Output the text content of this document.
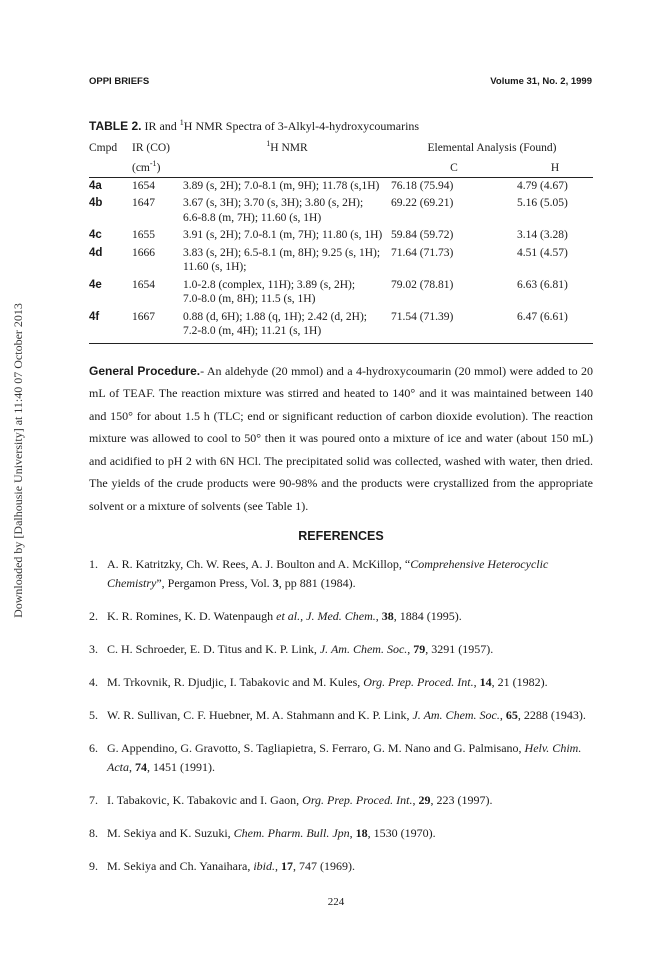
Downloaded by [Dalhousie University] at 11:40 07 October 2013
OPPI BRIEFS	Volume 31, No. 2, 1999
TABLE 2. IR and $^1$H NMR Spectra of 3-Alkyl-4-hydroxycoumarins
Cmpd	IR (CO)	$^1$H NMR	Elemental Analysis (Found)	
	$(cm^{-1})$		C	H
4a	1654	3.89 (s, 2H); 7.0-8.1 (m, 9H); 11.78 (s,1H)	76.18 (75.94)	4.79 (4.67)
4b	1647	3.67 (s, 3H); 3.70 (s, 3H); 3.80 (s, 2H);
6.6-8.8 (m, 7H); 11.60 (s, 1H)	69.22 (69.21)	5.16 (5.05)
4c	1655	3.91 (s, 2H); 7.0-8.1 (m, 7H); 11.80 (s, 1H)	59.84 (59.72)	3.14 (3.28)
4d	1666	3.83 (s, 2H); 6.5-8.1 (m, 8H); 9.25 (s, 1H);
11.60 (s, 1H);	71.64 (71.73)	4.51 (4.57)
4e	1654	1.0-2.8 (complex, 11H); 3.89 (s, 2H);
7.0-8.0 (m, 8H); 11.5 (s, 1H)	79.02 (78.81)	6.63 (6.81)
4f	1667	0.88 (d, 6H); 1.88 (q, 1H); 2.42 (d, 2H);
7.2-8.0 (m, 4H); 11.21 (s, 1H)	71.54 (71.39)	6.47 (6.61)

General Procedure.- An aldehyde (20 mmol) and a 4-hydroxycoumarin (20 mmol) were added to 20 mL of TEAF. The reaction mixture was stirred and heated to 140° and it was maintained between 140 and 150° for about 1.5 h (TLC; end or significant reduction of carbon dioxide evolution). The reaction mixture was allowed to cool to 50° then it was poured onto a mixture of ice and water (about 150 mL) and acidified to pH 2 with 6N HCl. The precipitated solid was collected, washed with water, then dried. The yields of the crude products were 90-98% and the products were crystallized from the appropriate solvent or a mixture of solvents (see Table 1).

REFERENCES
1. A. R. Katritzky, Ch. W. Rees, A. J. Boulton and A. McKillop, “Comprehensive Heterocyclic Chemistry”, Pergamon Press, Vol. 3, pp 881 (1984).
2. K. R. Romines, K. D. Watenpaugh et al., J. Med. Chem., 38, 1884 (1995).
3. C. H. Schroeder, E. D. Titus and K. P. Link, J. Am. Chem. Soc., 79, 3291 (1957).
4. M. Trkovnik, R. Djudjic, I. Tabakovic and M. Kules, Org. Prep. Proced. Int., 14, 21 (1982).
5. W. R. Sullivan, C. F. Huebner, M. A. Stahmann and K. P. Link, J. Am. Chem. Soc., 65, 2288 (1943).
6. G. Appendino, G. Gravotto, S. Tagliapietra, S. Ferraro, G. M. Nano and G. Palmisano, Helv. Chim. Acta, 74, 1451 (1991).
7. I. Tabakovic, K. Tabakovic and I. Gaon, Org. Prep. Proced. Int., 29, 223 (1997).
8. M. Sekiya and K. Suzuki, Chem. Pharm. Bull. Jpn, 18, 1530 (1970).
9. M. Sekiya and Ch. Yanaihara, ibid., 17, 747 (1969).
224
